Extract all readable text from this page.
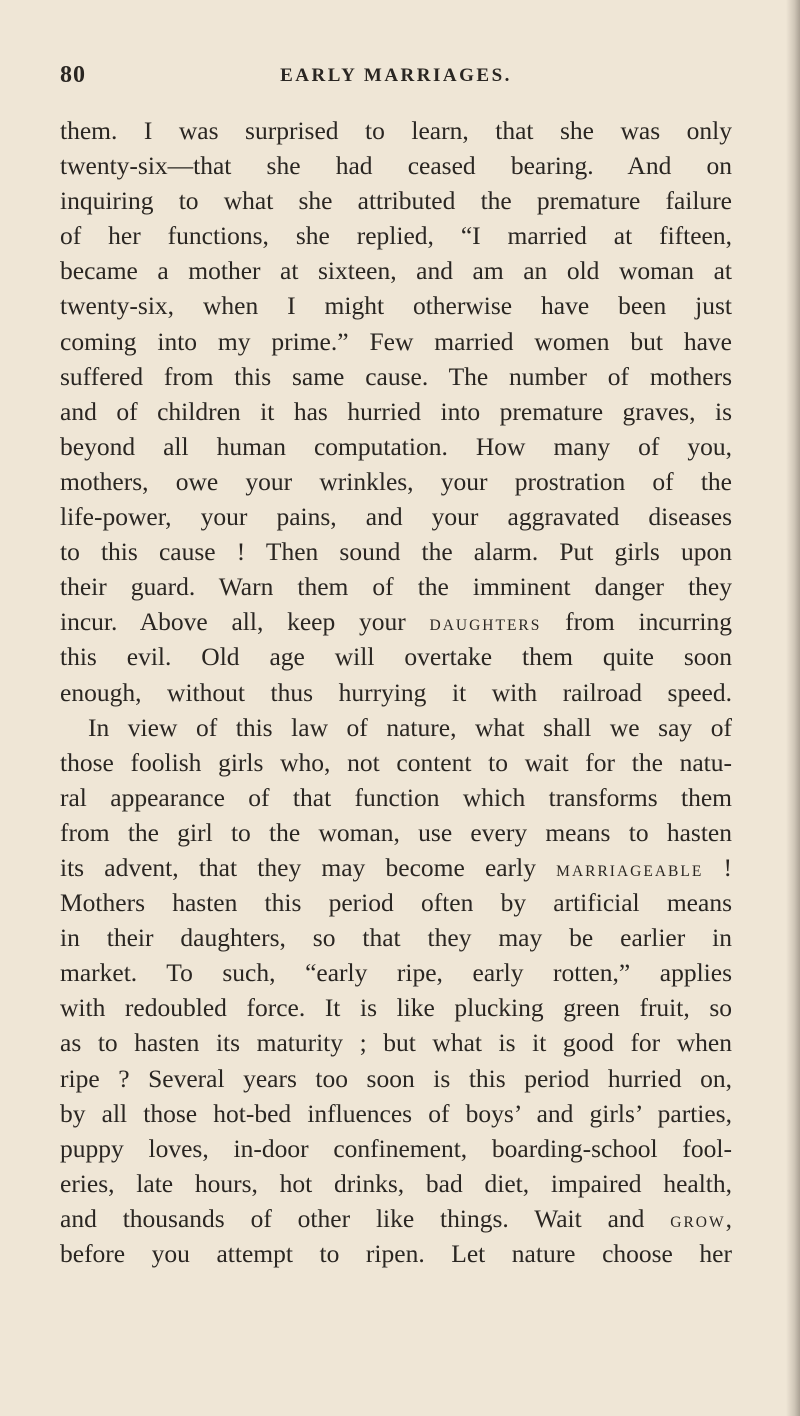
80	EARLY MARRIAGES.
them. I was surprised to learn, that she was only
twenty-six—that she had ceased bearing. And on
inquiring to what she attributed the premature failure
of her functions, she replied, “I married at fifteen,
became a mother at sixteen, and am an old woman at
twenty-six, when I might otherwise have been just
coming into my prime.” Few married women but have
suffered from this same cause. The number of mothers
and of children it has hurried into premature graves, is
beyond all human computation. How many of you,
mothers, owe your wrinkles, your prostration of the
life-power, your pains, and your aggravated diseases
to this cause ! Then sound the alarm. Put girls upon
their guard. Warn them of the imminent danger they
incur. Above all, keep your DAUGHTERS from incurring
this evil. Old age will overtake them quite soon
enough, without thus hurrying it with railroad speed.
In view of this law of nature, what shall we say of
those foolish girls who, not content to wait for the natu-
ral appearance of that function which transforms them
from the girl to the woman, use every means to hasten
its advent, that they may become early MARRIAGEABLE !
Mothers hasten this period often by artificial means
in their daughters, so that they may be earlier in
market. To such, “early ripe, early rotten,” applies
with redoubled force. It is like plucking green fruit, so
as to hasten its maturity ; but what is it good for when
ripe ? Several years too soon is this period hurried on,
by all those hot-bed influences of boys’ and girls’ parties,
puppy loves, in-door confinement, boarding-school fool-
eries, late hours, hot drinks, bad diet, impaired health,
and thousands of other like things. Wait and GROW,
before you attempt to ripen. Let nature choose her
